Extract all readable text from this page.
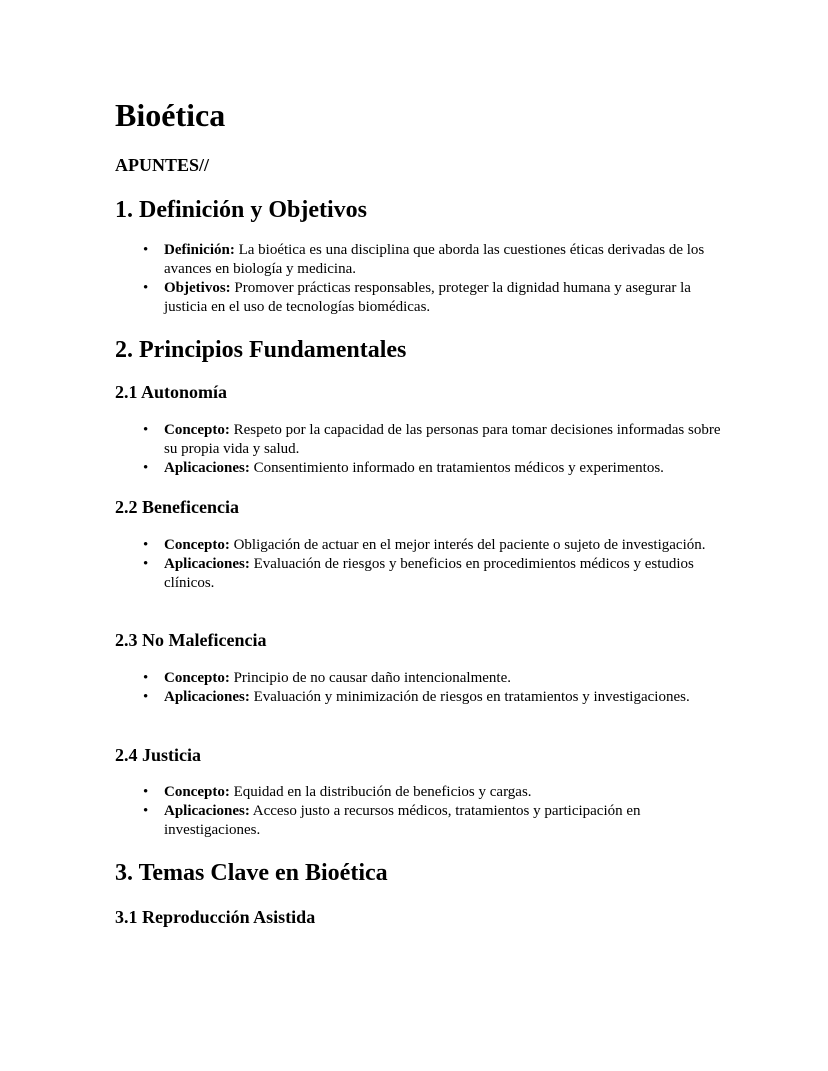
Bioética

APUNTES//

1. Definición y Objetivos
• Definición: La bioética es una disciplina que aborda las cuestiones éticas derivadas de los avances en biología y medicina.
• Objetivos: Promover prácticas responsables, proteger la dignidad humana y asegurar la justicia en el uso de tecnologías biomédicas.
2. Principios Fundamentales
2.1 Autonomía
• Concepto: Respeto por la capacidad de las personas para tomar decisiones informadas sobre su propia vida y salud.
• Aplicaciones: Consentimiento informado en tratamientos médicos y experimentos.
2.2 Beneficencia
• Concepto: Obligación de actuar en el mejor interés del paciente o sujeto de investigación.
• Aplicaciones: Evaluación de riesgos y beneficios en procedimientos médicos y estudios clínicos.
2.3 No Maleficencia
• Concepto: Principio de no causar daño intencionalmente.
• Aplicaciones: Evaluación y minimización de riesgos en tratamientos y investigaciones.
2.4 Justicia
• Concepto: Equidad en la distribución de beneficios y cargas.
• Aplicaciones: Acceso justo a recursos médicos, tratamientos y participación en investigaciones.
3. Temas Clave en Bioética
3.1 Reproducción Asistida
